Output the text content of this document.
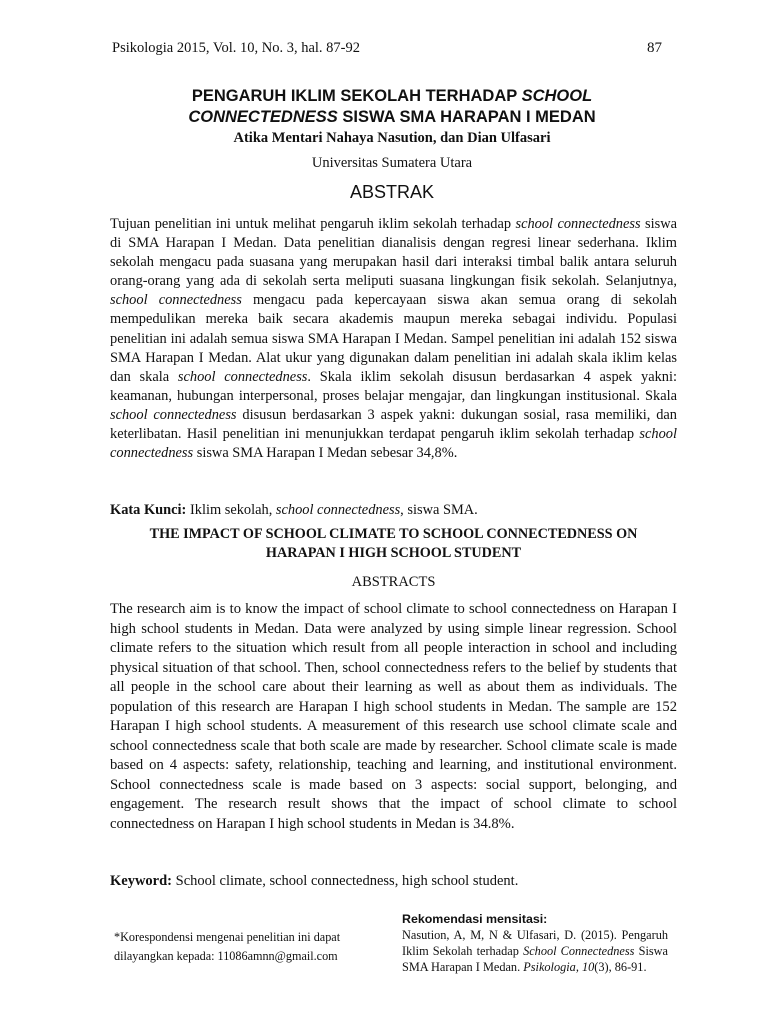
Psikologia 2015, Vol. 10, No. 3, hal. 87-92	87
PENGARUH IKLIM SEKOLAH TERHADAP SCHOOL
CONNECTEDNESS SISWA SMA HARAPAN I MEDAN
Atika Mentari Nahaya Nasution, dan Dian Ulfasari
Universitas Sumatera Utara
ABSTRAK

Tujuan penelitian ini untuk melihat pengaruh iklim sekolah terhadap school connectedness siswa di SMA Harapan I Medan. Data penelitian dianalisis dengan regresi linear sederhana. Iklim sekolah mengacu pada suasana yang merupakan hasil dari interaksi timbal balik antara seluruh orang-orang yang ada di sekolah serta meliputi suasana lingkungan fisik sekolah. Selanjutnya, school connectedness mengacu pada kepercayaan siswa akan semua orang di sekolah mempedulikan mereka baik secara akademis maupun mereka sebagai individu. Populasi penelitian ini adalah semua siswa SMA Harapan I Medan. Sampel penelitian ini adalah 152 siswa SMA Harapan I Medan. Alat ukur yang digunakan dalam penelitian ini adalah skala iklim kelas dan skala school connectedness. Skala iklim sekolah disusun berdasarkan 4 aspek yakni: keamanan, hubungan interpersonal, proses belajar mengajar, dan lingkungan institusional. Skala school connectedness disusun berdasarkan 3 aspek yakni: dukungan sosial, rasa memiliki, dan keterlibatan. Hasil penelitian ini menunjukkan terdapat pengaruh iklim sekolah terhadap school connectedness siswa SMA Harapan I Medan sebesar 34,8%.

Kata Kunci: Iklim sekolah, school connectedness, siswa SMA.
THE IMPACT OF SCHOOL CLIMATE TO SCHOOL CONNECTEDNESS ON
HARAPAN I HIGH SCHOOL STUDENT
ABSTRACTS

The research aim is to know the impact of school climate to school connectedness on Harapan I high school students in Medan. Data were analyzed by using simple linear regression. School climate refers to the situation which result from all people interaction in school and including physical situation of that school. Then, school connectedness refers to the belief by students that all people in the school care about their learning as well as about them as individuals. The population of this research are Harapan I high school students in Medan. The sample are 152 Harapan I high school students. A measurement of this research use school climate scale and school connectedness scale that both scale are made by researcher. School climate scale is made based on 4 aspects: safety, relationship, teaching and learning, and institutional environment. School connectedness scale is made based on 3 aspects: social support, belonging, and engagement. The research result shows that the impact of school climate to school connectedness on Harapan I high school students in Medan is 34.8%.

Keyword: School climate, school connectedness, high school student.
*Korespondensi mengenai penelitian ini dapat
dilayangkan kepada: 11086amnn@gmail.com
Rekomendasi mensitasi:
Nasution, A, M, N & Ulfasari, D. (2015). Pengaruh Iklim Sekolah terhadap School Connectedness Siswa SMA Harapan I Medan. Psikologia, 10(3), 86-91.
